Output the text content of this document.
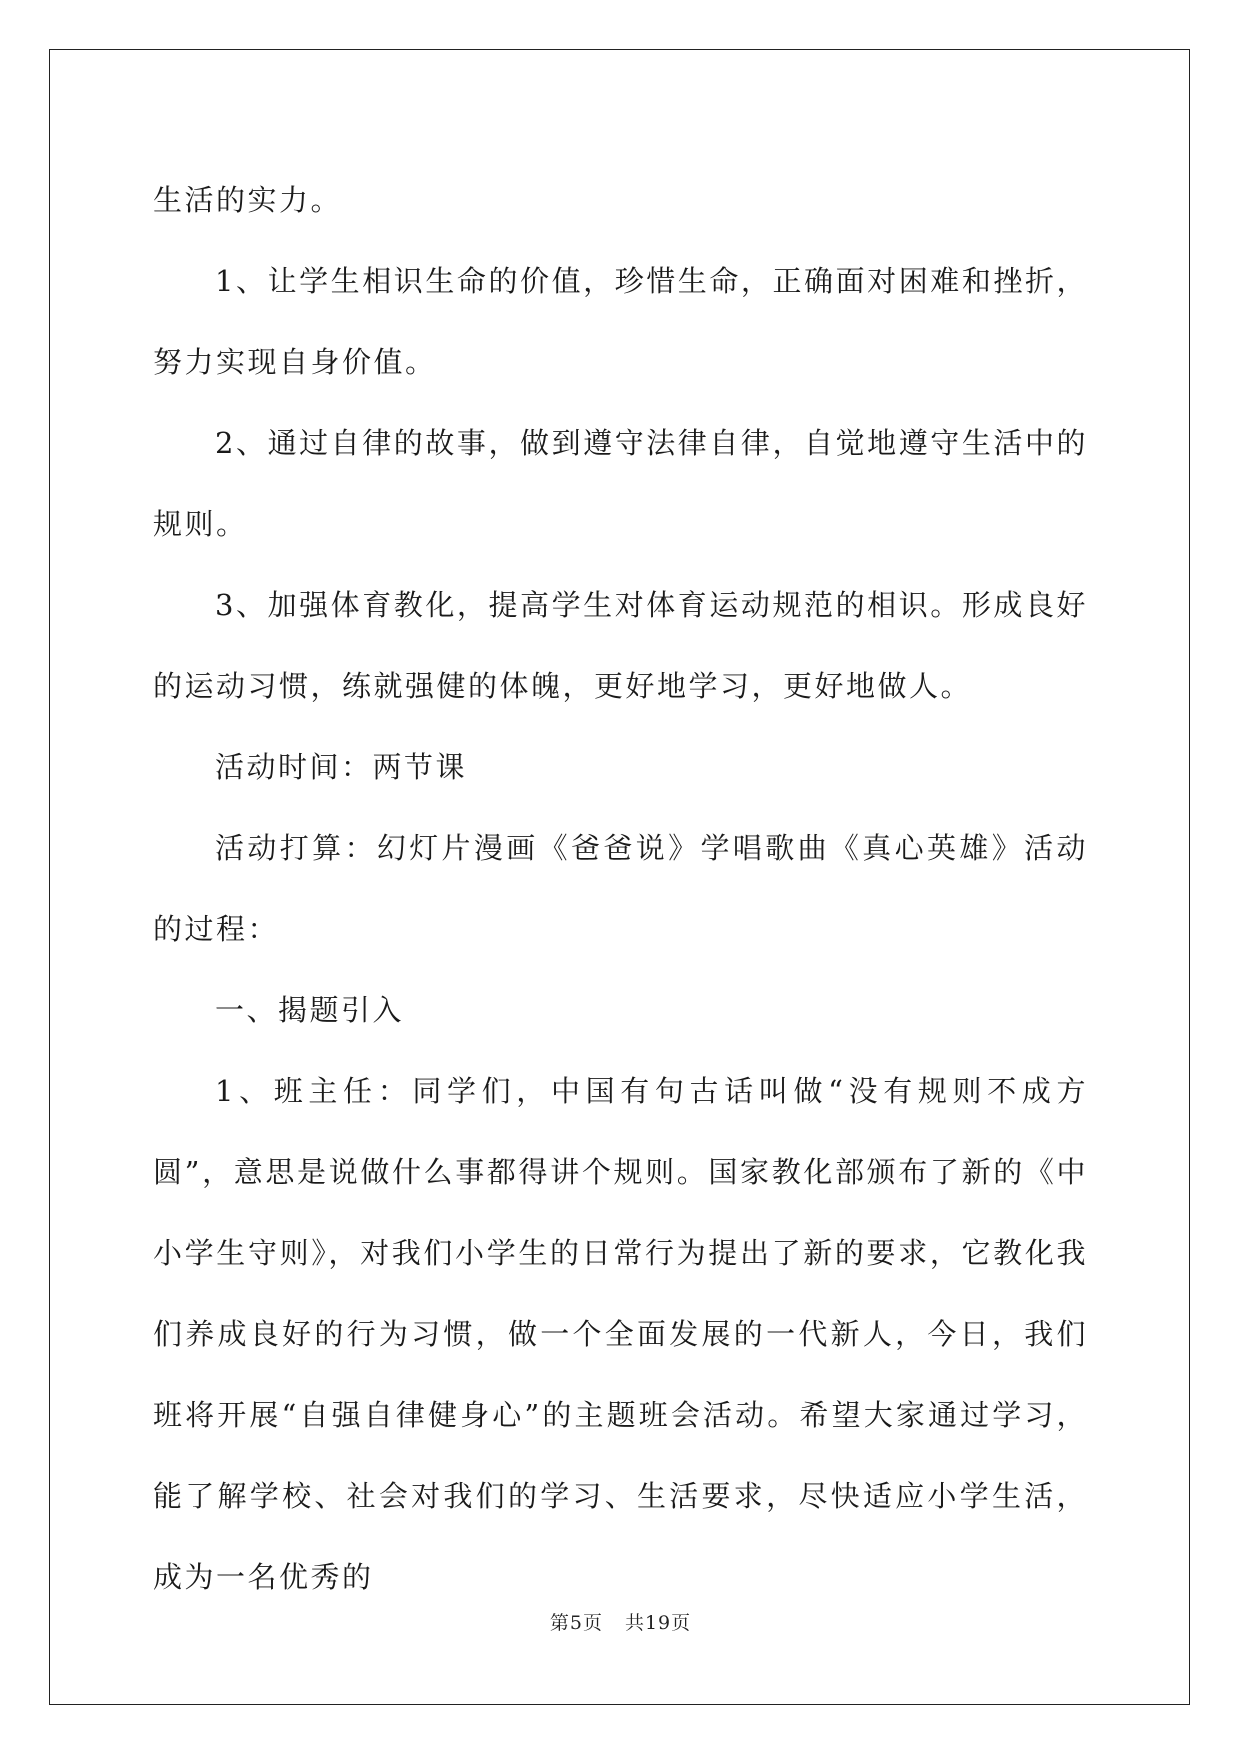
生活的实力。

1、让学生相识生命的价值，珍惜生命，正确面对困难和挫折，努力实现自身价值。

2、通过自律的故事，做到遵守法律自律，自觉地遵守生活中的规则。

3、加强体育教化，提高学生对体育运动规范的相识。形成良好的运动习惯，练就强健的体魄，更好地学习，更好地做人。

活动时间：两节课

活动打算：幻灯片漫画《爸爸说》学唱歌曲《真心英雄》活动的过程：

一、揭题引入

1、班主任：同学们，中国有句古话叫做“没有规则不成方圆”，意思是说做什么事都得讲个规则。国家教化部颁布了新的《中小学生守则》，对我们小学生的日常行为提出了新的要求，它教化我们养成良好的行为习惯，做一个全面发展的一代新人，今日，我们班将开展“自强自律健身心”的主题班会活动。希望大家通过学习，能了解学校、社会对我们的学习、生活要求，尽快适应小学生活，成为一名优秀的

第5页 共19页
